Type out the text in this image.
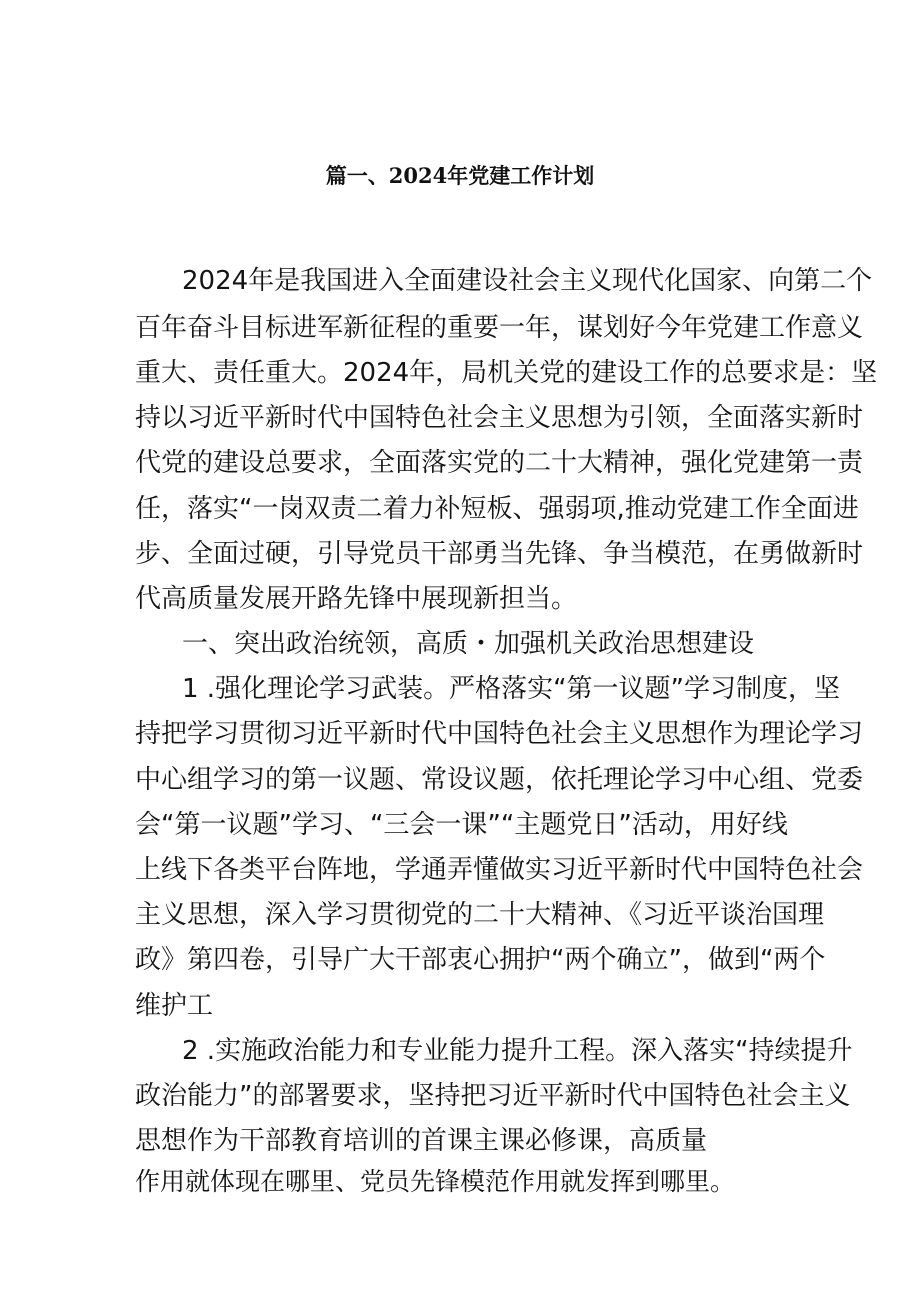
篇一、2024年党建工作计划
2024年是我国进入全面建设社会主义现代化国家、向第二个
百年奋斗目标进军新征程的重要一年，谋划好今年党建工作意义
重大、责任重大。2024年，局机关党的建设工作的总要求是：坚
持以习近平新时代中国特色社会主义思想为引领，全面落实新时
代党的建设总要求，全面落实党的二十大精神，强化党建第一责
任，落实“一岗双责二着力补短板、强弱项,推动党建工作全面进
步、全面过硬，引导党员干部勇当先锋、争当模范，在勇做新时
代高质量发展开路先锋中展现新担当。
一、突出政治统领，高质・加强机关政治思想建设
1 .强化理论学习武装。严格落实“第一议题”学习制度，坚
持把学习贯彻习近平新时代中国特色社会主义思想作为理论学习
中心组学习的第一议题、常设议题，依托理论学习中心组、党委
会“第一议题”学习、“三会一课”“主题党日”活动，用好线
上线下各类平台阵地，学通弄懂做实习近平新时代中国特色社会
主义思想，深入学习贯彻党的二十大精神、《习近平谈治国理
政》第四卷，引导广大干部衷心拥护“两个确立”，做到“两个
维护工
2 .实施政治能力和专业能力提升工程。深入落实“持续提升
政治能力”的部署要求，坚持把习近平新时代中国特色社会主义
思想作为干部教育培训的首课主课必修课，高质量
作用就体现在哪里、党员先锋模范作用就发挥到哪里。
